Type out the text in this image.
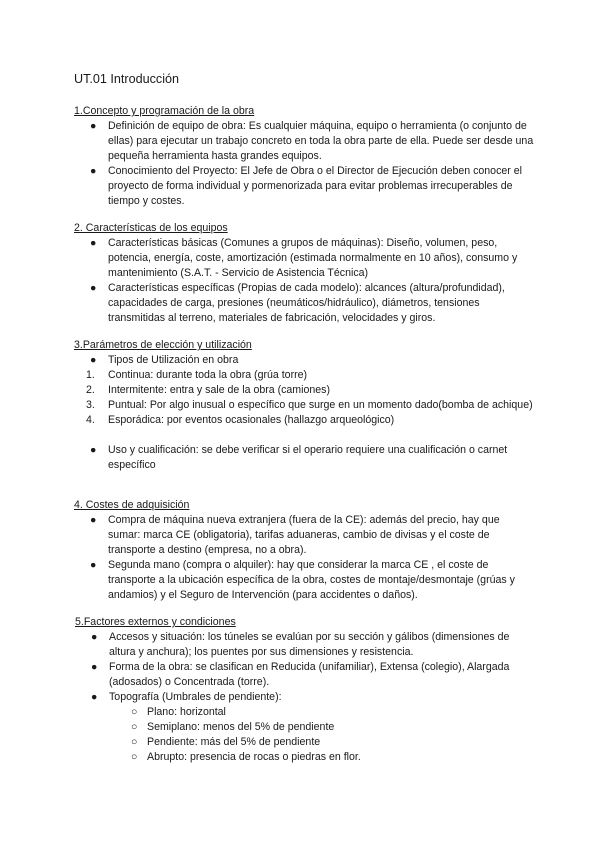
UT.01 Introducción
1.Concepto y programación de la obra
●	Definición de equipo de obra: Es cualquier máquina, equipo o herramienta (o conjunto de ellas) para ejecutar un trabajo concreto en toda la obra parte de ella. Puede ser desde una pequeña herramienta hasta grandes equipos.
●	Conocimiento del Proyecto: El Jefe de Obra o el Director de Ejecución deben conocer el proyecto de forma individual y pormenorizada para evitar problemas irrecuperables de tiempo y costes.
2. Características de los equipos
●	Características básicas (Comunes a grupos de máquinas): Diseño, volumen, peso, potencia, energía, coste, amortización (estimada normalmente en 10 años), consumo y mantenimiento (S.A.T. - Servicio de Asistencia Técnica)
●	Características específicas (Propias de cada modelo): alcances (altura/profundidad), capacidades de carga, presiones (neumáticos/hidráulico), diámetros, tensiones transmitidas al terreno, materiales de fabricación, velocidades y giros.
3.Parámetros de elección y utilización
●	Tipos de Utilización en obra
1.	Continua: durante toda la obra (grúa torre)
2.	Intermitente: entra y sale de la obra (camiones)
3.	Puntual: Por algo inusual o específico que surge en un momento dado(bomba de achique)
4.	Esporádica: por eventos ocasionales (hallazgo arqueológico)
●	Uso y cualificación: se debe verificar si el operario requiere una cualificación o carnet específico
4. Costes de adquisición
●	Compra de máquina nueva extranjera (fuera de la CE): además del precio, hay que sumar: marca CE (obligatoria), tarifas aduaneras, cambio de divisas y el coste de transporte a destino (empresa, no a obra).
●	Segunda mano (compra o alquiler): hay que considerar la marca CE , el coste de transporte a la ubicación específica de la obra, costes de montaje/desmontaje (grúas y andamios) y el Seguro de Intervención (para accidentes o daños).
5.Factores externos y condiciones
●	Accesos y situación: los túneles se evalúan por su sección y gálibos (dimensiones de altura y anchura); los puentes por sus dimensiones y resistencia.
●	Forma de la obra: se clasifican en Reducida (unifamiliar), Extensa (colegio), Alargada (adosados) o Concentrada (torre).
●	Topografía (Umbrales de pendiente):
○ Plano: horizontal
○ Semiplano: menos del 5% de pendiente
○ Pendiente: más del 5% de pendiente
○ Abrupto: presencia de rocas o piedras en flor.
